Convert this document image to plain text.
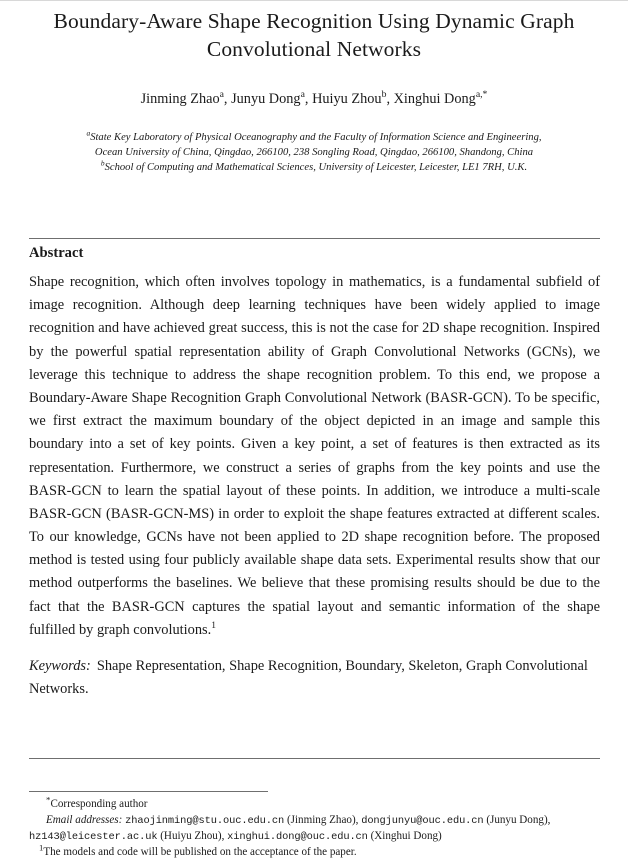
Boundary-Aware Shape Recognition Using Dynamic Graph Convolutional Networks
Jinming Zhao$^a$, Junyu Dong$^a$, Huiyu Zhou$^b$, Xinghui Dong$^{a,*}$
$^a$State Key Laboratory of Physical Oceanography and the Faculty of Information Science and Engineering,
Ocean University of China, Qingdao, 266100, 238 Songling Road, Qingdao, 266100, Shandong, China
$^b$School of Computing and Mathematical Sciences, University of Leicester, Leicester, LE1 7RH, U.K.
Abstract

Shape recognition, which often involves topology in mathematics, is a fundamental subfield of image recognition. Although deep learning techniques have been widely applied to image recognition and have achieved great success, this is not the case for 2D shape recognition. Inspired by the powerful spatial representation ability of Graph Convolutional Networks (GCNs), we leverage this technique to address the shape recognition problem. To this end, we propose a Boundary-Aware Shape Recognition Graph Convolutional Network (BASR-GCN). To be specific, we first extract the maximum boundary of the object depicted in an image and sample this boundary into a set of key points. Given a key point, a set of features is then extracted as its representation. Furthermore, we construct a series of graphs from the key points and use the BASR-GCN to learn the spatial layout of these points. In addition, we introduce a multi-scale BASR-GCN (BASR-GCN-MS) in order to exploit the shape features extracted at different scales. To our knowledge, GCNs have not been applied to 2D shape recognition before. The proposed method is tested using four publicly available shape data sets. Experimental results show that our method outperforms the baselines. We believe that these promising results should be due to the fact that the BASR-GCN captures the spatial layout and semantic information of the shape fulfilled by graph convolutions.$^1$

Keywords: Shape Representation, Shape Recognition, Boundary, Skeleton, Graph Convolutional Networks.

*Corresponding author

Email addresses: zhaojinming@stu.ouc.edu.cn (Jinming Zhao), dongjunyu@ouc.edu.cn (Junyu Dong), hz143@leicester.ac.uk (Huiyu Zhou), xinghui.dong@ouc.edu.cn (Xinghui Dong)

$^1$The models and code will be published on the acceptance of the paper.
